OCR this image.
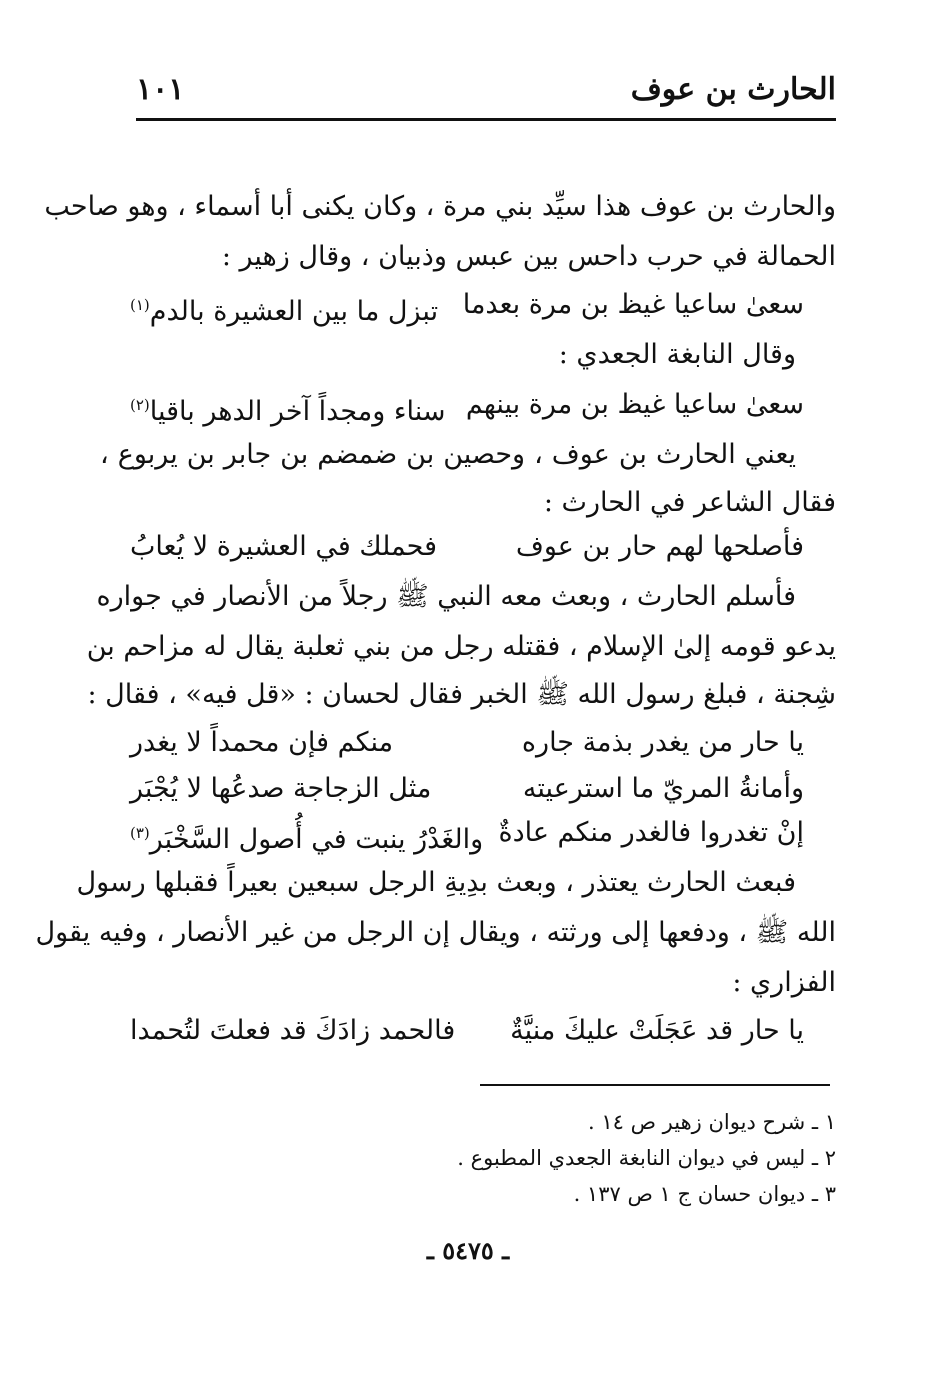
الحارث بن عوف
١٠١
والحارث بن عوف هذا سيِّد بني مرة ، وكان يكنى أبا أسماء ، وهو صاحب
الحمالة في حرب داحس بين عبس وذبيان ، وقال زهير :
سعىٰ ساعيا غيظ بن مرة بعدما
تبزل ما بين العشيرة بالدم$^{(١)}$
وقال النابغة الجعدي :
سعىٰ ساعيا غيظ بن مرة بينهم
سناء ومجداً آخر الدهر باقيا$^{(٢)}$
يعني الحارث بن عوف ، وحصين بن ضمضم بن جابر بن يربوع ،
فقال الشاعر في الحارث :
فأصلحها لهم حار بن عوف
فحملك في العشيرة لا يُعابُ
فأسلم الحارث ، وبعث معه النبي ﷺ رجلاً من الأنصار في جواره
يدعو قومه إلىٰ الإسلام ، فقتله رجل من بني ثعلبة يقال له مزاحم بن
شِجنة ، فبلغ رسول الله ﷺ الخبر فقال لحسان : «قل فيه» ، فقال :
يا حار من يغدر بذمة جاره
منكم فإن محمداً لا يغدر
وأمانةُ المريّ ما استرعيته
مثل الزجاجة صدعُها لا يُجْبَر
إنْ تغدروا فالغدر منكم عادةٌ
والغَدْرُ ينبت في أُصول السَّخْبَر$^{(٣)}$
فبعث الحارث يعتذر ، وبعث بدِيةِ الرجل سبعين بعيراً فقبلها رسول
الله ﷺ ، ودفعها إلى ورثته ، ويقال إن الرجل من غير الأنصار ، وفيه يقول
الفزاري :
يا حار قد عَجَلَتْ عليكَ منيَّةٌ
فالحمد زادَكَ قد فعلتَ لتُحمدا
١ ـ شرح ديوان زهير ص ١٤ .
٢ ـ ليس في ديوان النابغة الجعدي المطبوع .
٣ ـ ديوان حسان ج ١ ص ١٣٧ .
ـ ٥٤٧٥ ـ
